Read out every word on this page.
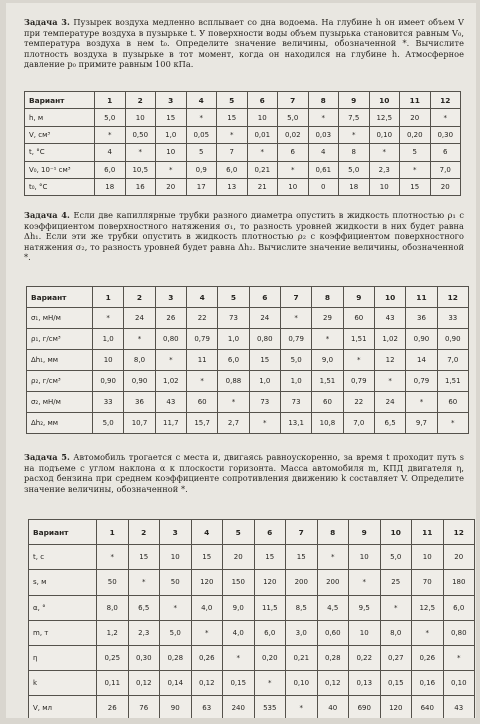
Задача 3. Пузырек воздуха медленно всплывает со дна водоема. На глубине h он имеет объем V при температуре воздуха в пузырьке t. У поверхности воды объем пузырька становится равным V₀, температура воздуха в нем t₀. Определите значение величины, обозначенной *. Вычислите плотность воздуха в пузырьке в тот момент, когда он находился на глубине h. Атмосферное давление p₀ примите равным 100 кПа.

Вариант	1	2	3	4	5	6	7	8	9	10	11	12
h, м	5,0	10	15	*	15	10	5,0	*	7,5	12,5	20	*
V, см³	*	0,50	1,0	0,05	*	0,01	0,02	0,03	*	0,10	0,20	0,30
t, °С	4	*	10	5	7	*	6	4	8	*	5	6
V₀, 10⁻¹ см³	6,0	10,5	*	0,9	6,0	0,21	*	0,61	5,0	2,3	*	7,0
t₀, °С	18	16	20	17	13	21	10	0	18	10	15	20

Задача 4. Если две капиллярные трубки разного диаметра опустить в жидкость плотностью ρ₁ с коэффициентом поверхностного натяжения σ₁, то разность уровней жидкости в них будет равна Δh₁. Если эти же трубки опустить в жидкость плотностью ρ₂ с коэффициентом поверхностного натяжения σ₂, то разность уровней будет равна Δh₂. Вычислите значение величины, обозначенной *.

Вариант	1	2	3	4	5	6	7	8	9	10	11	12
σ₁, мН/м	*	24	26	22	73	24	*	29	60	43	36	33
ρ₁, г/см³	1,0	*	0,80	0,79	1,0	0,80	0,79	*	1,51	1,02	0,90	0,90
Δh₁, мм	10	8,0	*	11	6,0	15	5,0	9,0	*	12	14	7,0
ρ₂, г/см³	0,90	0,90	1,02	*	0,88	1,0	1,0	1,51	0,79	*	0,79	1,51
σ₂, мН/м	33	36	43	60	*	73	73	60	22	24	*	60
Δh₂, мм	5,0	10,7	11,7	15,7	2,7	*	13,1	10,8	7,0	6,5	9,7	*

Задача 5. Автомобиль трогается с места и, двигаясь равноускоренно, за время t проходит путь s на подъеме с углом наклона α к плоскости горизонта. Масса автомобиля m, КПД двигателя η, расход бензина при среднем коэффициенте сопротивления движению k составляет V. Определите значение величины, обозначенной *.

Вариант	1	2	3	4	5	6	7	8	9	10	11	12
t, с	*	15	10	15	20	15	15	*	10	5,0	10	20
s, м	50	*	50	120	150	120	200	200	*	25	70	180
α, °	8,0	6,5	*	4,0	9,0	11,5	8,5	4,5	9,5	*	12,5	6,0
m, т	1,2	2,3	5,0	*	4,0	6,0	3,0	0,60	10	8,0	*	0,80
η	0,25	0,30	0,28	0,26	*	0,20	0,21	0,28	0,22	0,27	0,26	*
k	0,11	0,12	0,14	0,12	0,15	*	0,10	0,12	0,13	0,15	0,16	0,10
V, мл	26	76	90	63	240	535	*	40	690	120	640	43
